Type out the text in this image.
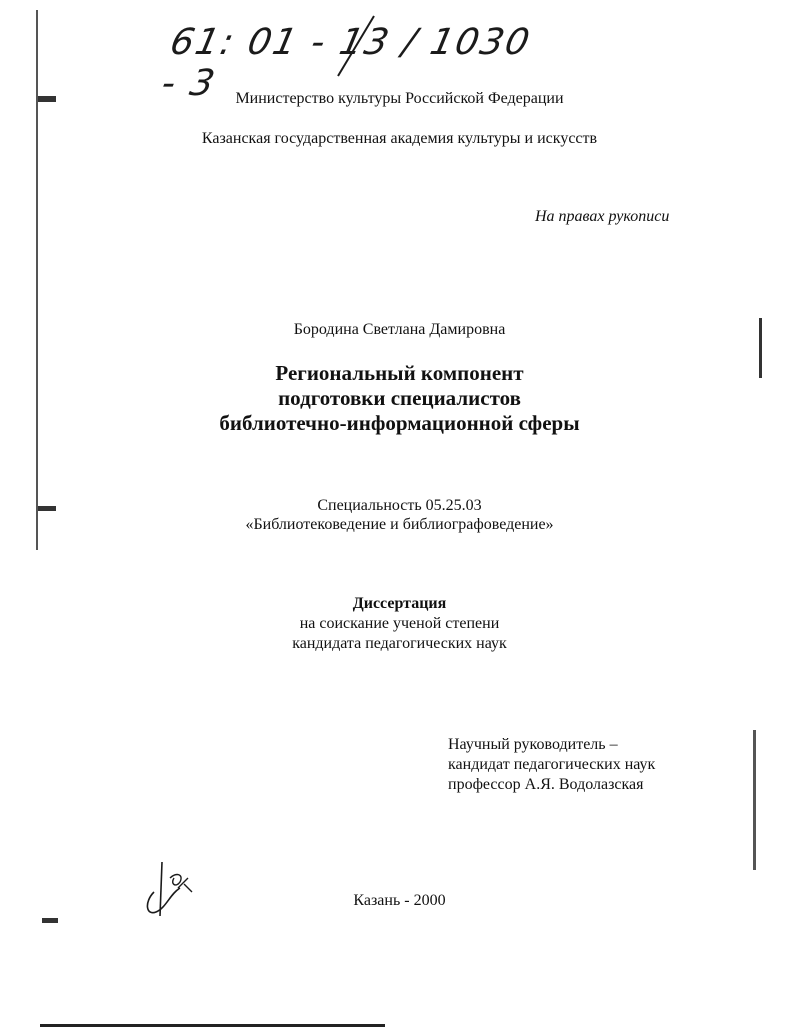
61: 01 - 13 / 1030 - 3 Министерство культуры Российской Федерации
Казанская государственная академия культуры и искусств
На правах рукописи
Бородина Светлана Дамировна
Региональный компонент
подготовки специалистов
библиотечно-информационной сферы
Специальность 05.25.03
«Библиотековедение и библиографоведение»
Диссертация
на соискание ученой степени
кандидата педагогических наук
Научный руководитель –
кандидат педагогических наук
профессор А.Я. Водолазская
Казань - 2000
